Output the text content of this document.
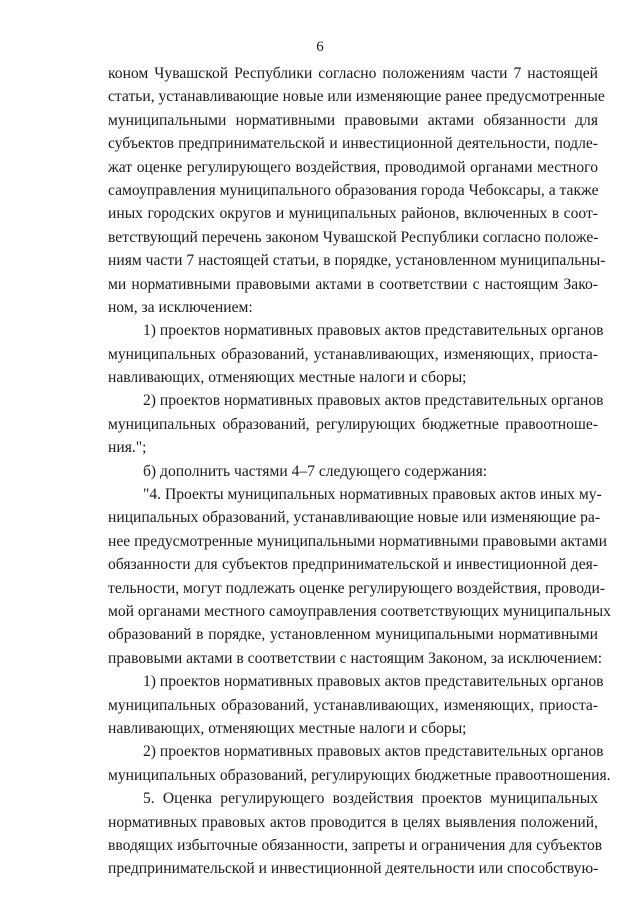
6
коном Чувашской Республики согласно положениям части 7 настоящей
статьи, устанавливающие новые или изменяющие ранее предусмотренные
муниципальными нормативными правовыми актами обязанности для
субъектов предпринимательской и инвестиционной деятельности, подле-
жат оценке регулирующего воздействия, проводимой органами местного
самоуправления муниципального образования города Чебоксары, а также
иных городских округов и муниципальных районов, включенных в соот-
ветствующий перечень законом Чувашской Республики согласно положе-
ниям части 7 настоящей статьи, в порядке, установленном муниципальны-
ми нормативными правовыми актами в соответствии с настоящим Зако-
ном, за исключением:
1) проектов нормативных правовых актов представительных органов
муниципальных образований, устанавливающих, изменяющих, приоста-
навливающих, отменяющих местные налоги и сборы;
2) проектов нормативных правовых актов представительных органов
муниципальных образований, регулирующих бюджетные правоотноше-
ния.";
б) дополнить частями 4–7 следующего содержания:
"4. Проекты муниципальных нормативных правовых актов иных му-
ниципальных образований, устанавливающие новые или изменяющие ра-
нее предусмотренные муниципальными нормативными правовыми актами
обязанности для субъектов предпринимательской и инвестиционной дея-
тельности, могут подлежать оценке регулирующего воздействия, проводи-
мой органами местного самоуправления соответствующих муниципальных
образований в порядке, установленном муниципальными нормативными
правовыми актами в соответствии с настоящим Законом, за исключением:
1) проектов нормативных правовых актов представительных органов
муниципальных образований, устанавливающих, изменяющих, приоста-
навливающих, отменяющих местные налоги и сборы;
2) проектов нормативных правовых актов представительных органов
муниципальных образований, регулирующих бюджетные правоотношения.
5. Оценка регулирующего воздействия проектов муниципальных
нормативных правовых актов проводится в целях выявления положений,
вводящих избыточные обязанности, запреты и ограничения для субъектов
предпринимательской и инвестиционной деятельности или способствую-
